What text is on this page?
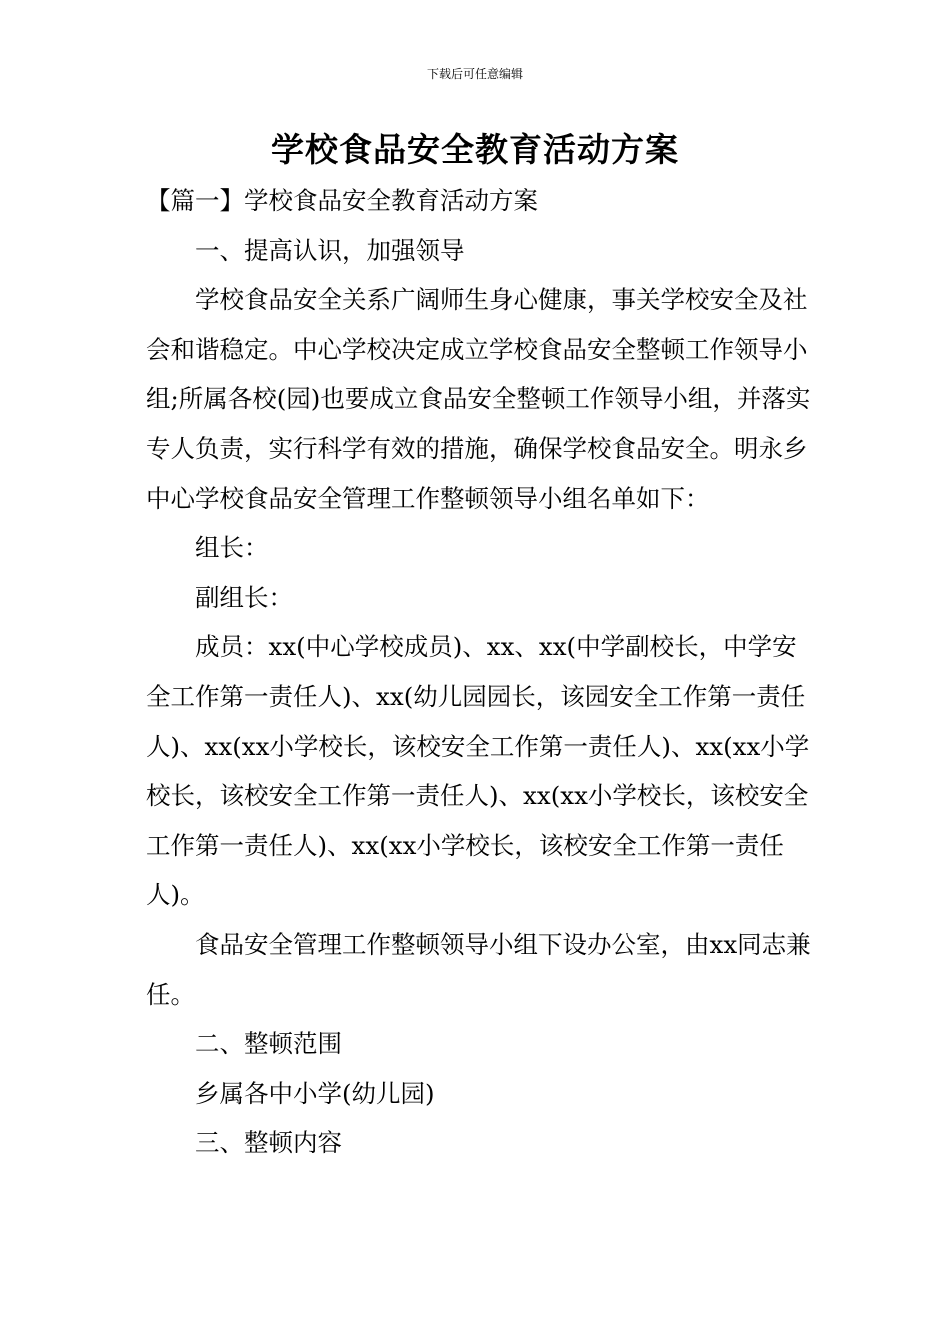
下载后可任意编辑
学校食品安全教育活动方案

【篇一】学校食品安全教育活动方案

一、提高认识，加强领导

学校食品安全关系广阔师生身心健康，事关学校安全及社会和谐稳定。中心学校决定成立学校食品安全整顿工作领导小组;所属各校(园)也要成立食品安全整顿工作领导小组，并落实专人负责，实行科学有效的措施，确保学校食品安全。明永乡中心学校食品安全管理工作整顿领导小组名单如下：

组长：

副组长：

成员：xx(中心学校成员)、xx、xx(中学副校长，中学安全工作第一责任人)、xx(幼儿园园长，该园安全工作第一责任人)、xx(xx小学校长，该校安全工作第一责任人)、xx(xx小学校长，该校安全工作第一责任人)、xx(xx小学校长，该校安全工作第一责任人)、xx(xx小学校长，该校安全工作第一责任人)。

食品安全管理工作整顿领导小组下设办公室，由xx同志兼任。

二、整顿范围

乡属各中小学(幼儿园)

三、整顿内容
